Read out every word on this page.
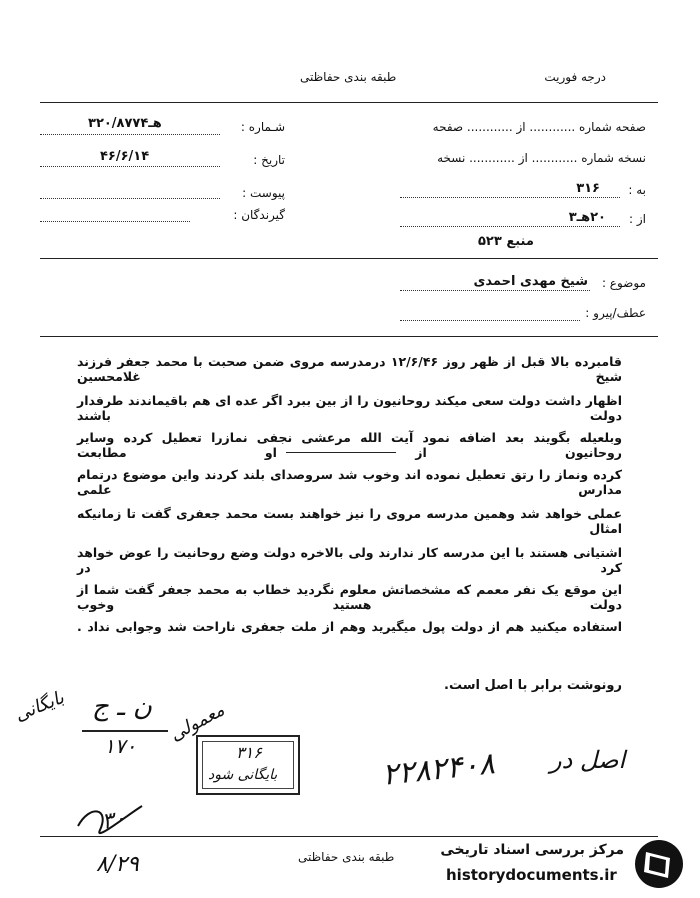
درجه فوریت
طبقه بندی حفاظتی
صفحه شماره ............ از ............ صفحه
نسخه شماره ............ از ............ نسخه
به :
۳۱۶
از :
۲۰هـ۳
منبع ۵۲۳
شـماره :
۳هـ۲۰/۸۷۷۴
تاریخ :
۴۶/۶/۱۴
پیوست :
گیرندگان :
موضوع :
شیخ مهدی احمدی
عطف/پیرو :
قامبرده بالا قبل از ظهر روز ۱۲/۶/۴۶ درمدرسه مروی ضمن صحبت با محمد جعفر فرزند شیخ غلامحسین
اظهار داشت دولت سعی میکند روحانیون را از بین ببرد اگر عده ای هم باقیماندند طرفدار دولت باشند
وبلعیله بگویند بعد اضافه نمود آیت الله مرعشی نجفی نمازرا تعطیل کرده وسایر روحانیون از او مطابعت
کرده ونماز را رتق تعطیل نموده اند وخوب شد سروصدای بلند کردند واین موضوع درتمام مدارس علمی
عملی خواهد شد وهمین مدرسه مروی را نیز خواهند بست محمد جعفری گفت تا زمانیکه امثال
اشتیانی هستند با این مدرسه کار ندارند ولی بالاخره دولت وضع روحانیت را عوض خواهد کرد در
این موقع یک نفر معمم که مشخصاتش معلوم نگردید خطاب به محمد جعفر گفت شما از دولت هستید وخوب
استفاده میکنید هم از دولت پول میگیرید وهم از ملت جعفری ناراحت شد وجوابی نداد .
رونوشت برابر با اصل است.
ن ـ ج
بایگانی
۱۷۰
معمولی
۳۱۶
بایگانی شود	۲۲۸۲۴۰۸ اصل در
۳۰
۸/۲۹	طبقه بندی حفاظتی	مرکز بررسی اسناد تاریخی
historydocuments.ir
